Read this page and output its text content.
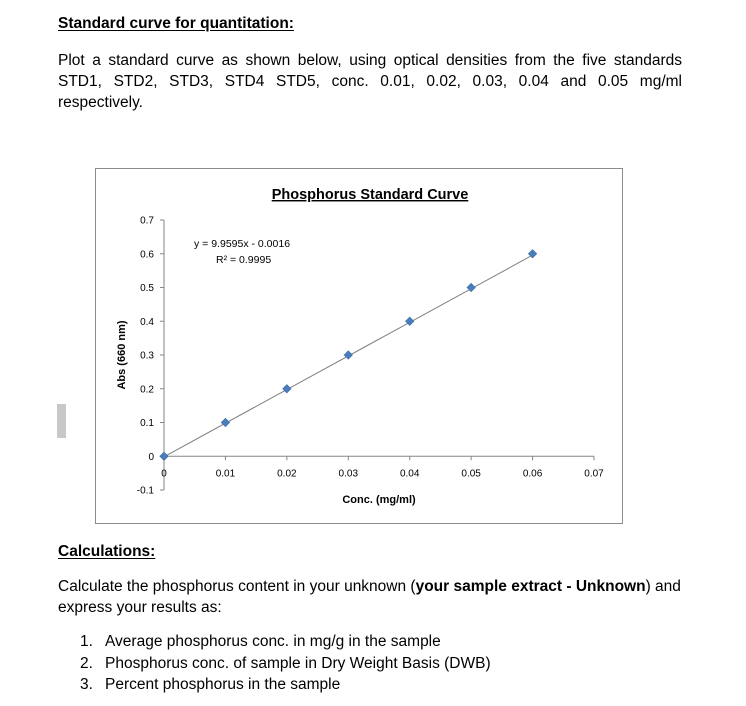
Standard curve for quantitation:
Plot a standard curve as shown below, using optical densities from the five standards STD1, STD2, STD3, STD4 STD5, conc. 0.01, 0.02, 0.03, 0.04 and 0.05 mg/ml respectively.
Phosphorus Standard Curve
Abs (660 nm)
Conc. (mg/ml)
y = 9.9595x - 0.0016
R² = 0.9995
-0.1
0
0.1
0.2
0.3
0.4
0.5
0.6
0.7
0	0.01	0.02	0.03	0.04	0.05	0.06	0.07
Calculations:
Calculate the phosphorus content in your unknown (your sample extract - Unknown) and express your results as:
1. Average phosphorus conc. in mg/g in the sample
2. Phosphorus conc. of sample in Dry Weight Basis (DWB)
3. Percent phosphorus in the sample
